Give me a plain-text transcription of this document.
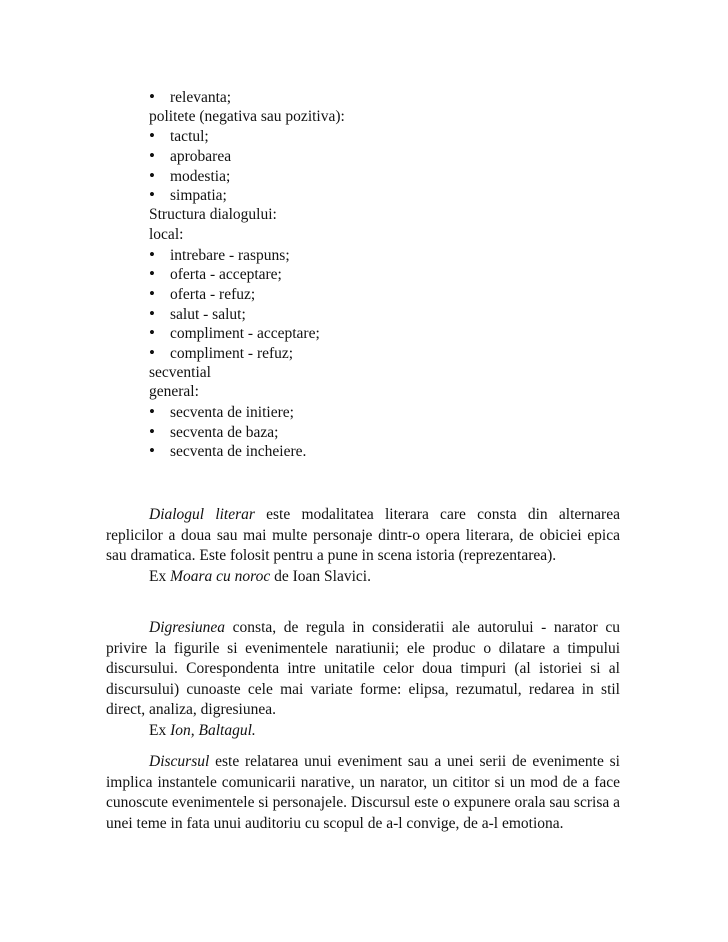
•relevanta;
politete (negativa sau pozitiva):
•tactul;
•aprobarea
•modestia;
•simpatia;
Structura dialogului:
local:
•intrebare - raspuns;
•oferta - acceptare;
•oferta - refuz;
•salut - salut;
•compliment - acceptare;
•compliment - refuz;
secvential
general:
•secventa de initiere;
•secventa de baza;
•secventa de incheiere.

Dialogul literar este modalitatea literara care consta din alternarea replicilor a doua sau mai multe personaje dintr-o opera literara, de obiciei epica sau dramatica. Este folosit pentru a pune in scena istoria (reprezentarea).

Ex Moara cu noroc de Ioan Slavici.

Digresiunea consta, de regula in consideratii ale autorului - narator cu privire la figurile si evenimentele naratiunii; ele produc o dilatare a timpului discursului. Corespondenta intre unitatile celor doua timpuri (al istoriei si al discursului) cunoaste cele mai variate forme: elipsa, rezumatul, redarea in stil direct, analiza, digresiunea.

Ex Ion, Baltagul.

Discursul este relatarea unui eveniment sau a unei serii de evenimente si implica instantele comunicarii narative, un narator, un cititor si un mod de a face cunoscute evenimentele si personajele. Discursul este o expunere orala sau scrisa a unei teme in fata unui auditoriu cu scopul de a-l convige, de a-l emotiona.
